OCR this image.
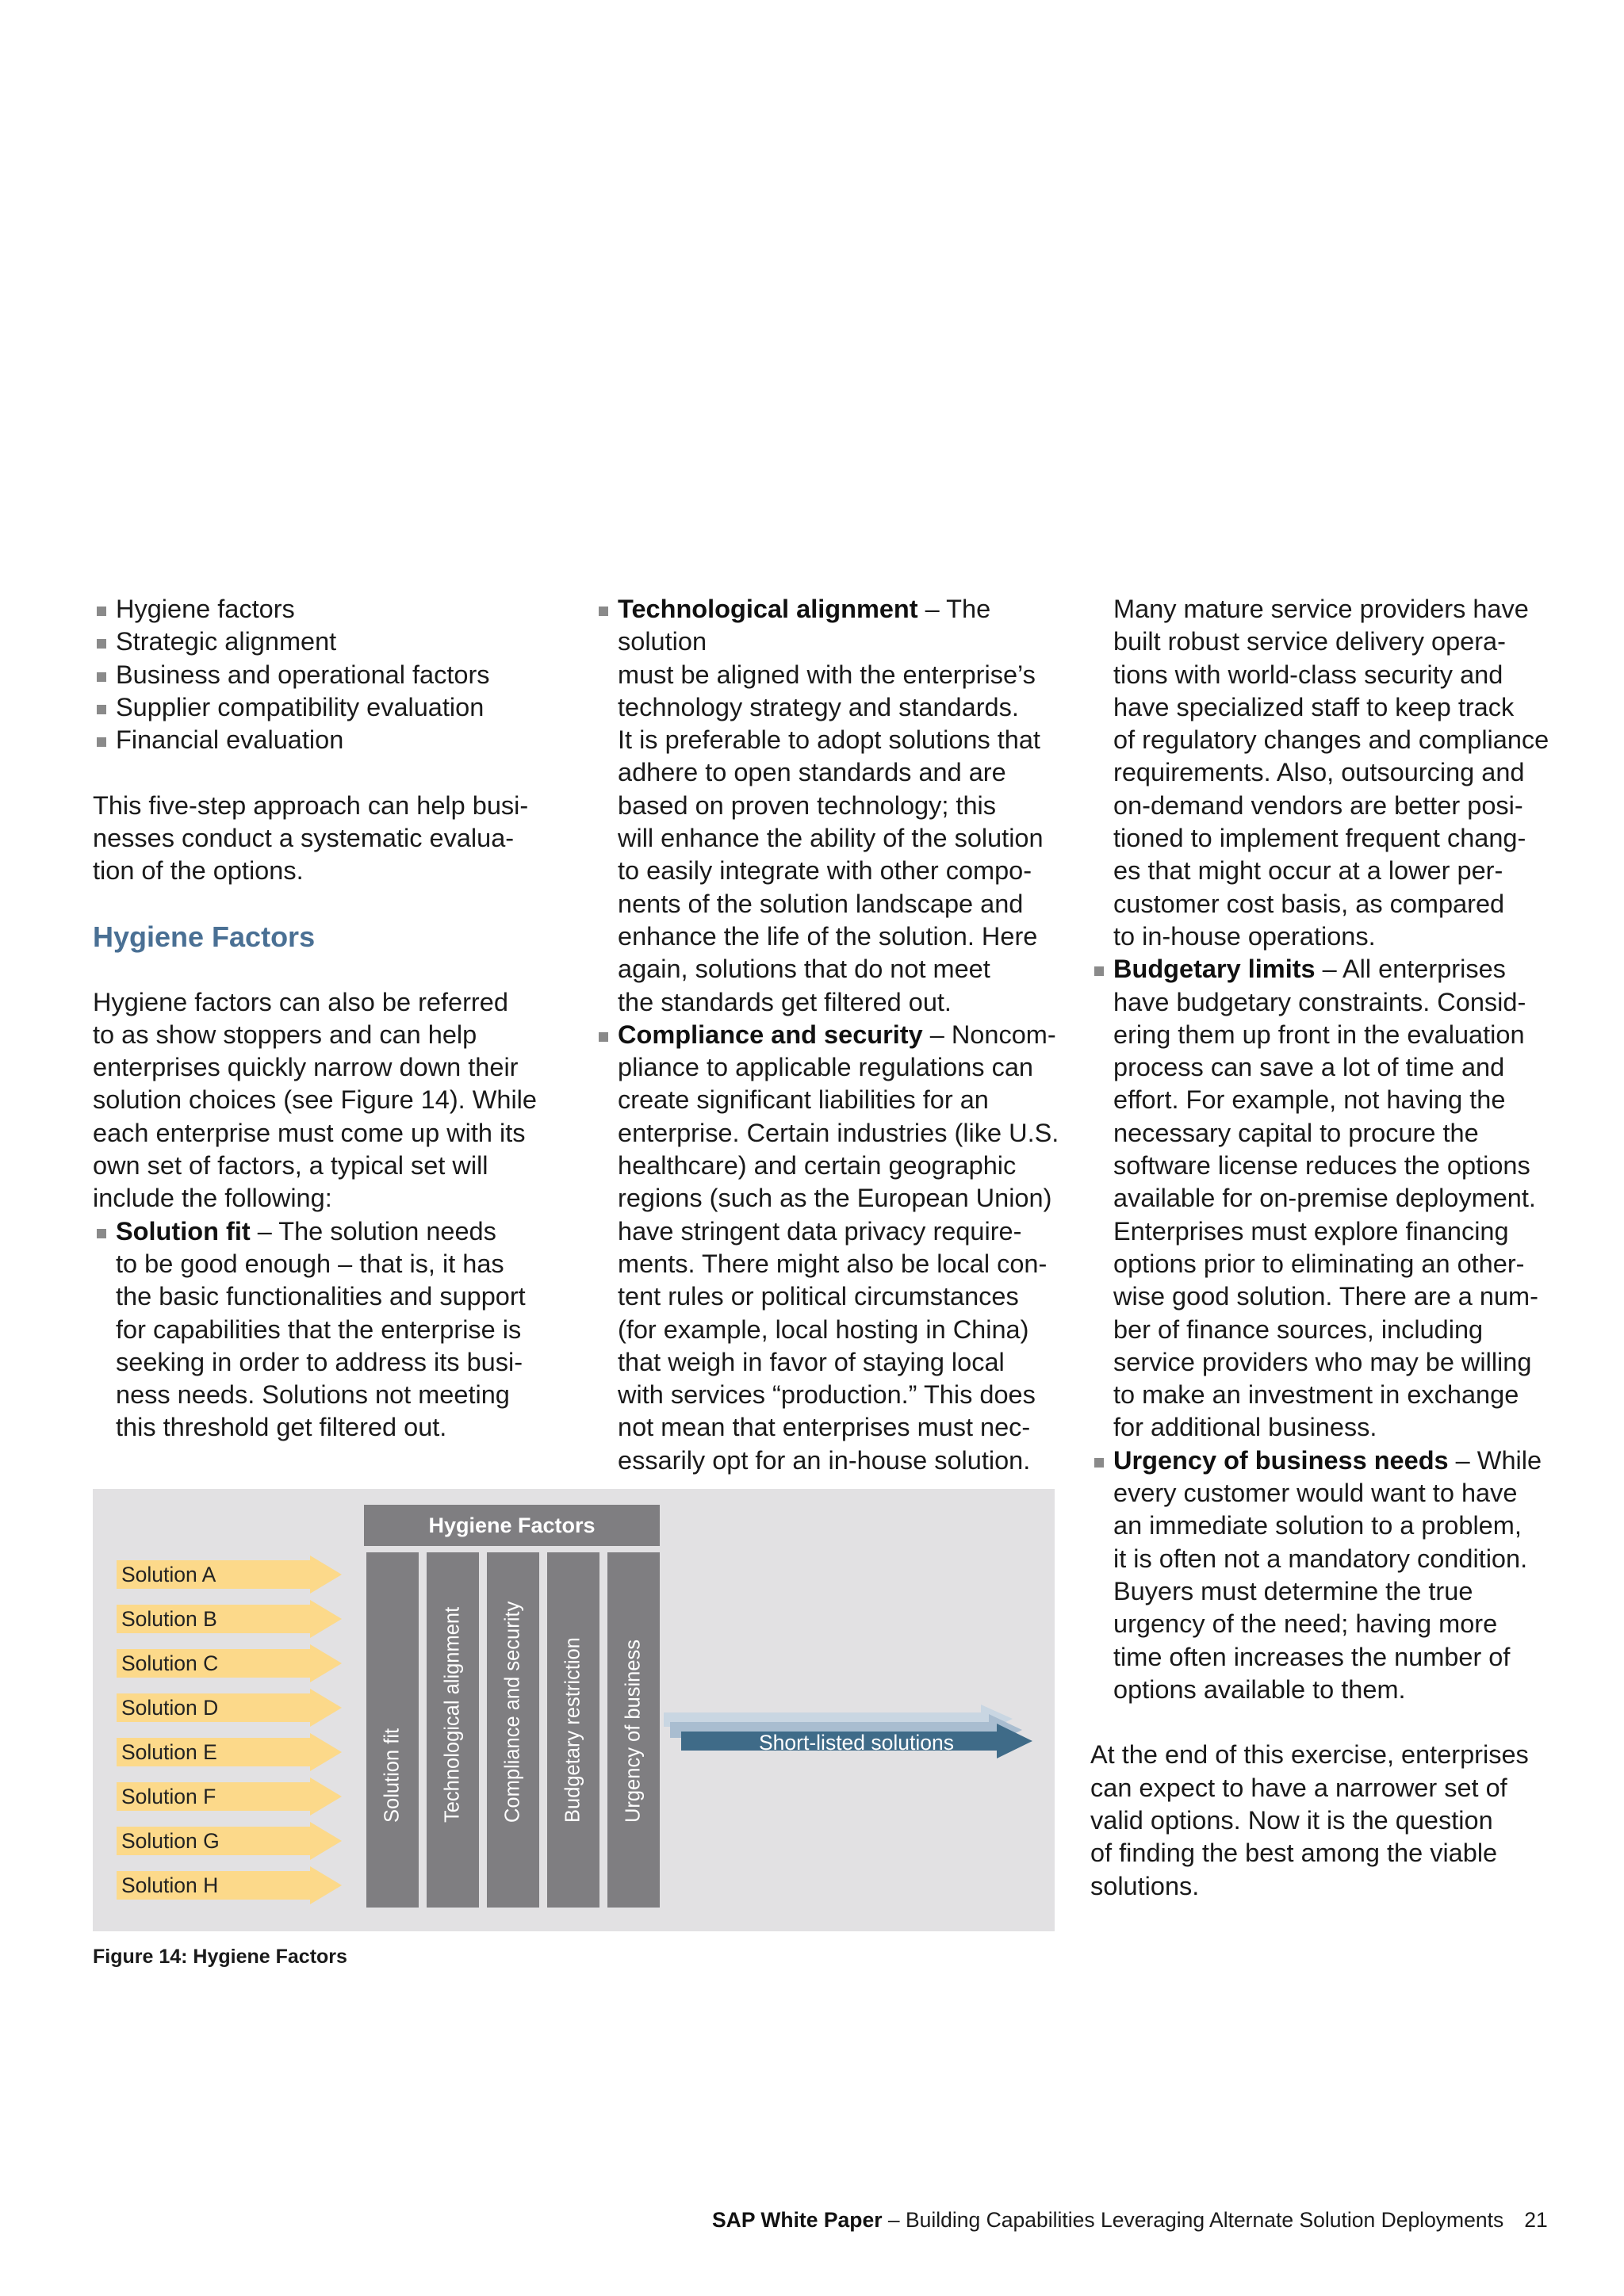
Hygiene factors
Strategic alignment
Business and operational factors
Supplier compatibility evaluation
Financial evaluation

This five-step approach can help busi-
nesses conduct a systematic evalua-
tion of the options.

Hygiene Factors

Hygiene factors can also be referred
to as show stoppers and can help
enterprises quickly narrow down their
solution choices (see Figure 14). While
each enterprise must come up with its
own set of factors, a typical set will
include the following:

Solution fit – The solution needs
to be good enough – that is, it has
the basic functionalities and support
for capabilities that the enterprise is
seeking in order to address its busi-
ness needs. Solutions not meeting
this threshold get filtered out.
Technological alignment – The solution
must be aligned with the enterprise’s
technology strategy and standards.
It is preferable to adopt solutions that
adhere to open standards and are
based on proven technology; this
will enhance the ability of the solution
to easily integrate with other compo-
nents of the solution landscape and
enhance the life of the solution. Here
again, solutions that do not meet
the standards get filtered out.
Compliance and security – Noncom-
pliance to applicable regulations can
create significant liabilities for an
enterprise. Certain industries (like U.S.
healthcare) and certain geographic
regions (such as the European Union)
have stringent data privacy require-
ments. There might also be local con-
tent rules or political circumstances
(for example, local hosting in China)
that weigh in favor of staying local
with services “production.” This does
not mean that enterprises must nec-
essarily opt for an in-house solution.

Many mature service providers have
built robust service delivery opera-
tions with world-class security and
have specialized staff to keep track
of regulatory changes and compliance
requirements. Also, outsourcing and
on-demand vendors are better posi-
tioned to implement frequent chang-
es that might occur at a lower per-
customer cost basis, as compared
to in-house operations.

Budgetary limits – All enterprises
have budgetary constraints. Consid-
ering them up front in the evaluation
process can save a lot of time and
effort. For example, not having the
necessary capital to procure the
software license reduces the options
available for on-premise deployment.
Enterprises must explore financing
options prior to eliminating an other-
wise good solution. There are a num-
ber of finance sources, including
service providers who may be willing
to make an investment in exchange
for additional business.
Urgency of business needs – While
every customer would want to have
an immediate solution to a problem,
it is often not a mandatory condition.
Buyers must determine the true
urgency of the need; having more
time often increases the number of
options available to them.

At the end of this exercise, enterprises
can expect to have a narrower set of
valid options. Now it is the question
of finding the best among the viable
solutions.

Solution A
Solution B
Solution C
Solution D
Solution E
Solution F
Solution G
Solution H
Hygiene Factors
Solution fit Technological alignment Compliance and security Budgetary restriction Urgency of business	Short-listed solutions
Figure 14: Hygiene Factors
SAP White Paper – Building Capabilities Leveraging Alternate Solution Deployments 21
